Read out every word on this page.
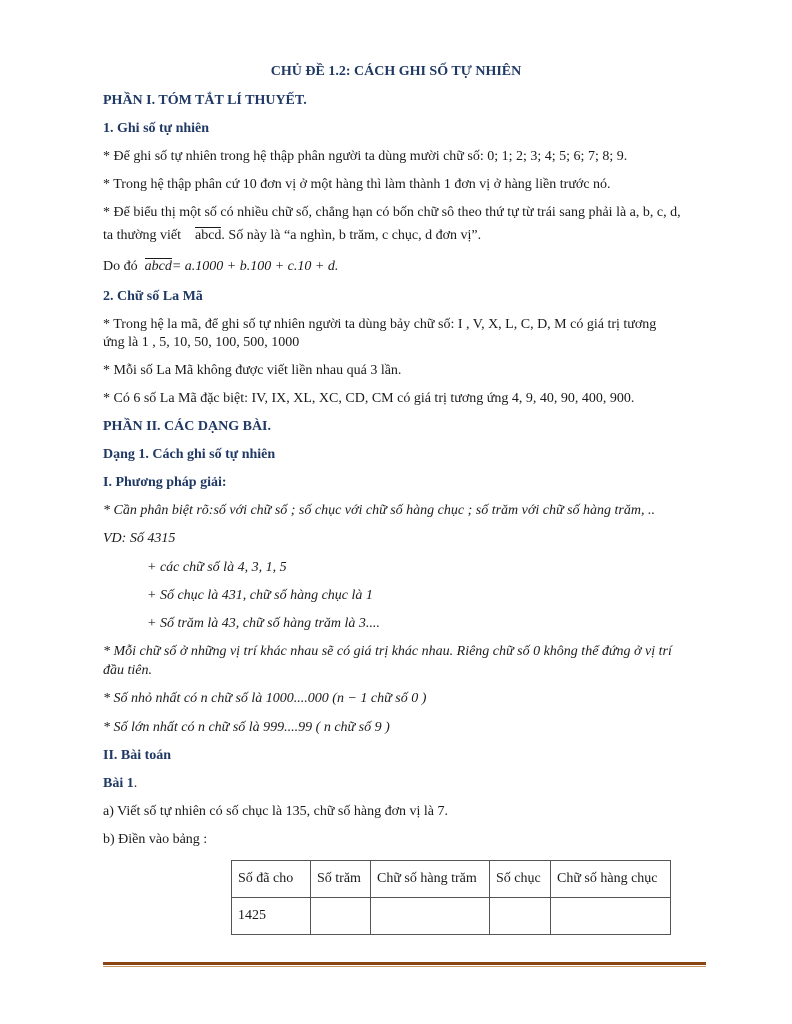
CHỦ ĐỀ 1.2: CÁCH GHI SỐ TỰ NHIÊN
PHẦN I. TÓM TẮT LÍ THUYẾT.
1. Ghi số tự nhiên
* Để ghi số tự nhiên trong hệ thập phân người ta dùng mười chữ số: 0; 1; 2; 3; 4; 5; 6; 7; 8; 9.
* Trong hệ thập phân cứ 10 đơn vị ở một hàng thì làm thành 1 đơn vị ở hàng liền trước nó.
* Để biểu thị một số có nhiều chữ số, chẳng hạn có bốn chữ sô theo thứ tự từ trái sang phải là a, b, c, d,
ta thường viết abcd. Số này là “a nghìn, b trăm, c chục, d đơn vị”.
Do đó abcd= a.1000 + b.100 + c.10 + d.
2. Chữ số La Mã
* Trong hệ la mã, để ghi số tự nhiên người ta dùng bảy chữ số: I , V, X, L, C, D, M có giá trị tương
ứng là 1 , 5, 10, 50, 100, 500, 1000
* Mỗi số La Mã không được viết liền nhau quá 3 lần.
* Có 6 số La Mã đặc biệt: IV, IX, XL, XC, CD, CM có giá trị tương ứng 4, 9, 40, 90, 400, 900.
PHẦN II. CÁC DẠNG BÀI.
Dạng 1. Cách ghi số tự nhiên
I. Phương pháp giải:
* Cần phân biệt rõ:số với chữ số ; số chục với chữ số hàng chục ; số trăm với chữ số hàng trăm, ..
VD: Số 4315
+ các chữ số là 4, 3, 1, 5
+ Số chục là 431, chữ số hàng chục là 1
+ Số trăm là 43, chữ số hàng trăm là 3....
* Mỗi chữ số ở những vị trí khác nhau sẽ có giá trị khác nhau. Riêng chữ số 0 không thể đứng ở vị trí
đầu tiên.
* Số nhỏ nhất có n chữ số là 1000....000 (n − 1 chữ số 0 )
* Số lớn nhất có n chữ số là 999....99 ( n chữ số 9 )
II. Bài toán
Bài 1.
a) Viết số tự nhiên có số chục là 135, chữ số hàng đơn vị là 7.
b) Điền vào bảng :
Số đã cho	Số trăm	Chữ số hàng trăm	Số chục	Chữ số hàng chục
1425				
